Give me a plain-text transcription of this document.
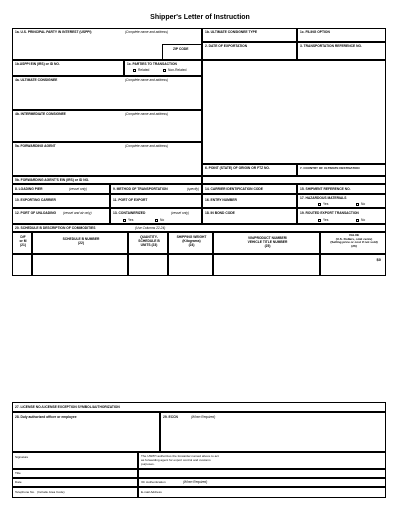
Shipper's Letter of Instruction
1a. U.S. PRINCIPAL PARTY IN INTEREST (USPPI)	(Complete name and address)
ZIP CODE
1b. ULTIMATE CONSIGNEE TYPE	1c. FILING OPTION
2. DATE OF EXPORTATION	3. TRANSPORTATION REFERENCE NO.
1b.USPPI EIN (IRS) or ID NO.	1c. PARTIES TO TRANSACTION
Related	Non-Related
4a. ULTIMATE CONSIGNEE	(Complete name and address)
4b. INTERMEDIATE CONSIGNEE	(Complete name and address)
5a. FORWARDING AGENT	(Complete name and address)
6. POINT (STATE) OF ORIGIN OR FTZ NO.	7. COUNTRY OF ULTIMATE DESTINATION
5b. FORWARDING AGENT'S EIN (IRS) or ID NO.
8. LOADING PIER	(vessel only)	9. METHOD OF TRANSPORTATION	(specify) 14. CARRIER IDENTIFICATION CODE	15. SHIPMENT REFERENCE NO.
10. EXPORTING CARRIER	11. PORT OF EXPORT	16. ENTRY NUMBER	17. HAZARDOUS MATERIALS
Yes	No
12. PORT OF UNLOADING (vessel and air only)	13. CONTAINERIZED	(vessel only)
Yes	No
18. IN BOND CODE	19. ROUTED EXPORT TRANSACTION
Yes	No
20. SCHEDULE B DESCRIPTION OF COMMODITIES	(Use Columns 22-24)
D/F
or M
(21)
SCHEDULE B NUMBER
(22)
QUANTITY-
SCHEDULE B
UNITS (23)
SHIPPING WEIGHT
(Kilograms)
(24)
VIN/PRODUCT NUMBER/
VEHICLE TITLE NUMBER
(25)
VALUE
(U.S. Dollars, omit cents)
(Selling price or cost if not sold)
(26)
$0
27. LICENSE NO./LICENSE EXCEPTION SYMBOL/AUTHORIZATION
28. Duly authorized officer or employee	29. ECCN	(When Required)
Signature	The USPPI authorizes the forwarder named above to act as forwarding agent for export control and customs purposes.
Title
Date	30. Authentication	(When Required)
Telephone No. (Include Area Code)	E-mail Address
